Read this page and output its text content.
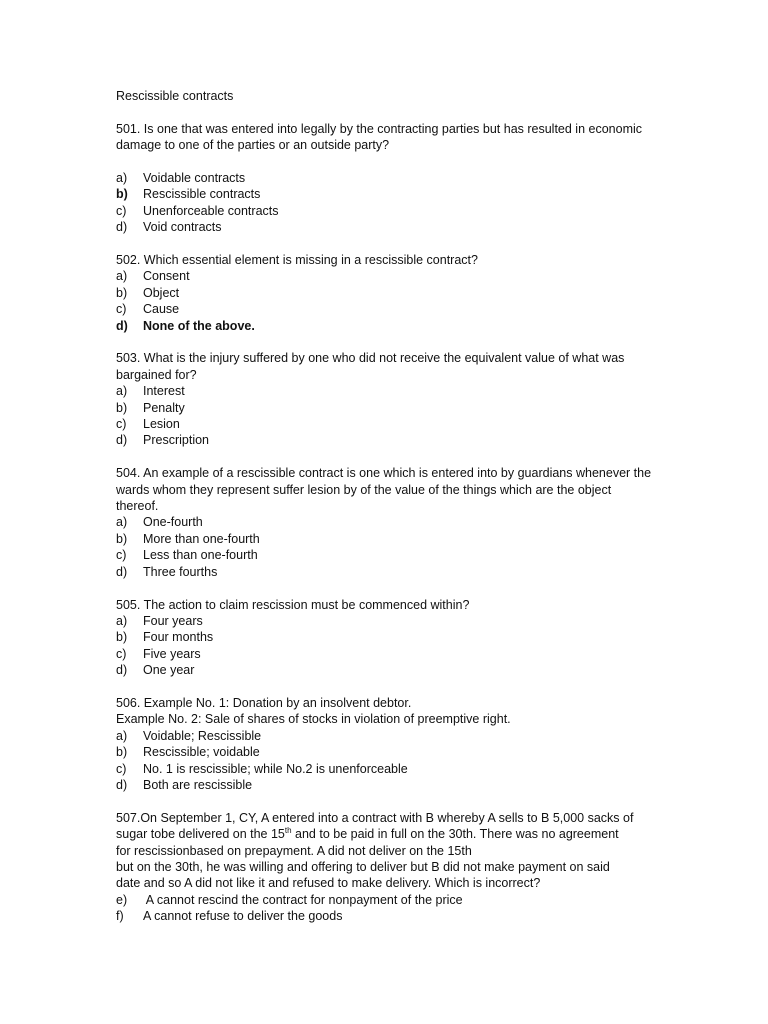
Rescissible contracts

501. Is one that was entered into legally by the contracting parties but has resulted in economic damage to one of the parties or an outside party?

a)	Voidable contracts
b)	Rescissible contracts
c)	Unenforceable contracts
d)	Void contracts

502. Which essential element is missing in a rescissible contract?

a)	Consent
b)	Object
c)	Cause
d)	None of the above.

503. What is the injury suffered by one who did not receive the equivalent value of what was bargained for?

a)	Interest
b)	Penalty
c)	Lesion
d)	Prescription

504. An example of a rescissible contract is one which is entered into by guardians whenever the wards whom they represent suffer lesion by of the value of the things which are the object thereof.

a)	One-fourth
b)	More than one-fourth
c)	Less than one-fourth
d)	Three fourths

505. The action to claim rescission must be commenced within?

a)	Four years
b)	Four months
c)	Five years
d)	One year

506. Example No. 1: Donation by an insolvent debtor.

Example No. 2: Sale of shares of stocks in violation of preemptive right.

a)	Voidable; Rescissible
b)	Rescissible; voidable
c)	No. 1 is rescissible; while No.2 is unenforceable
d)	Both are rescissible

507.On September 1, CY, A entered into a contract with B whereby A sells to B 5,000 sacks of

sugar tobe delivered on the 15th and to be paid in full on the 30th. There was no agreement

for rescissionbased on prepayment. A did not deliver on the 15th

but on the 30th, he was willing and offering to deliver but B did not make payment on said

date and so A did not like it and refused to make delivery. Which is incorrect?

e)	A cannot rescind the contract for nonpayment of the price
f)	A cannot refuse to deliver the goods
